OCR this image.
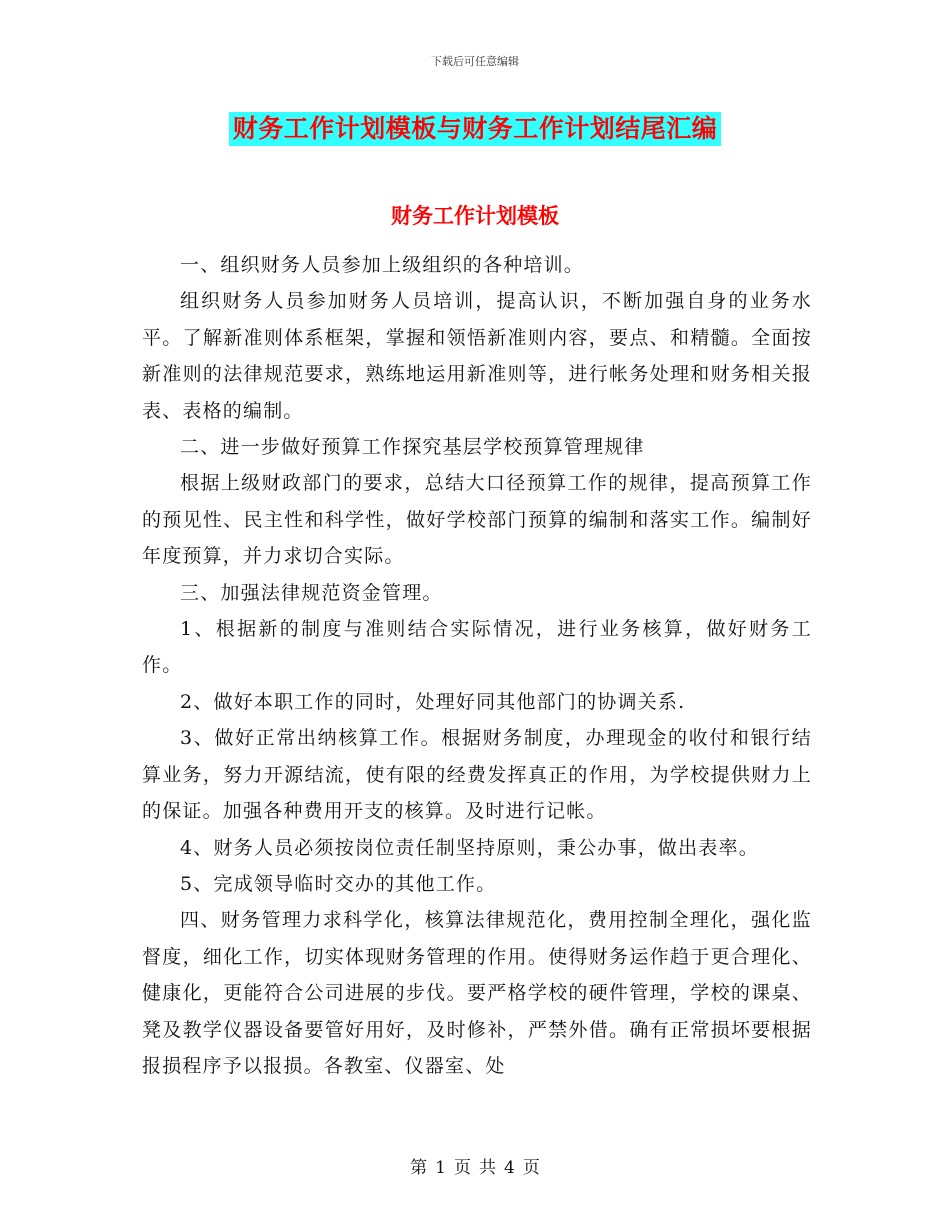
下载后可任意编辑
财务工作计划模板与财务工作计划结尾汇编
财务工作计划模板

一、组织财务人员参加上级组织的各种培训。

组织财务人员参加财务人员培训，提高认识，不断加强自身的业务水平。了解新准则体系框架，掌握和领悟新准则内容，要点、和精髓。全面按新准则的法律规范要求，熟练地运用新准则等，进行帐务处理和财务相关报表、表格的编制。

二、进一步做好预算工作探究基层学校预算管理规律

根据上级财政部门的要求，总结大口径预算工作的规律，提高预算工作的预见性、民主性和科学性，做好学校部门预算的编制和落实工作。编制好年度预算，并力求切合实际。

三、加强法律规范资金管理。

1、根据新的制度与准则结合实际情况，进行业务核算，做好财务工作。

2、做好本职工作的同时，处理好同其他部门的协调关系.

3、做好正常出纳核算工作。根据财务制度，办理现金的收付和银行结算业务，努力开源结流，使有限的经费发挥真正的作用，为学校提供财力上的保证。加强各种费用开支的核算。及时进行记帐。

4、财务人员必须按岗位责任制坚持原则，秉公办事，做出表率。

5、完成领导临时交办的其他工作。

四、财务管理力求科学化，核算法律规范化，费用控制全理化，强化监督度，细化工作，切实体现财务管理的作用。使得财务运作趋于更合理化、健康化，更能符合公司进展的步伐。要严格学校的硬件管理，学校的课桌、凳及教学仪器设备要管好用好，及时修补，严禁外借。确有正常损坏要根据报损程序予以报损。各教室、仪器室、处

第 1 页 共 4 页
